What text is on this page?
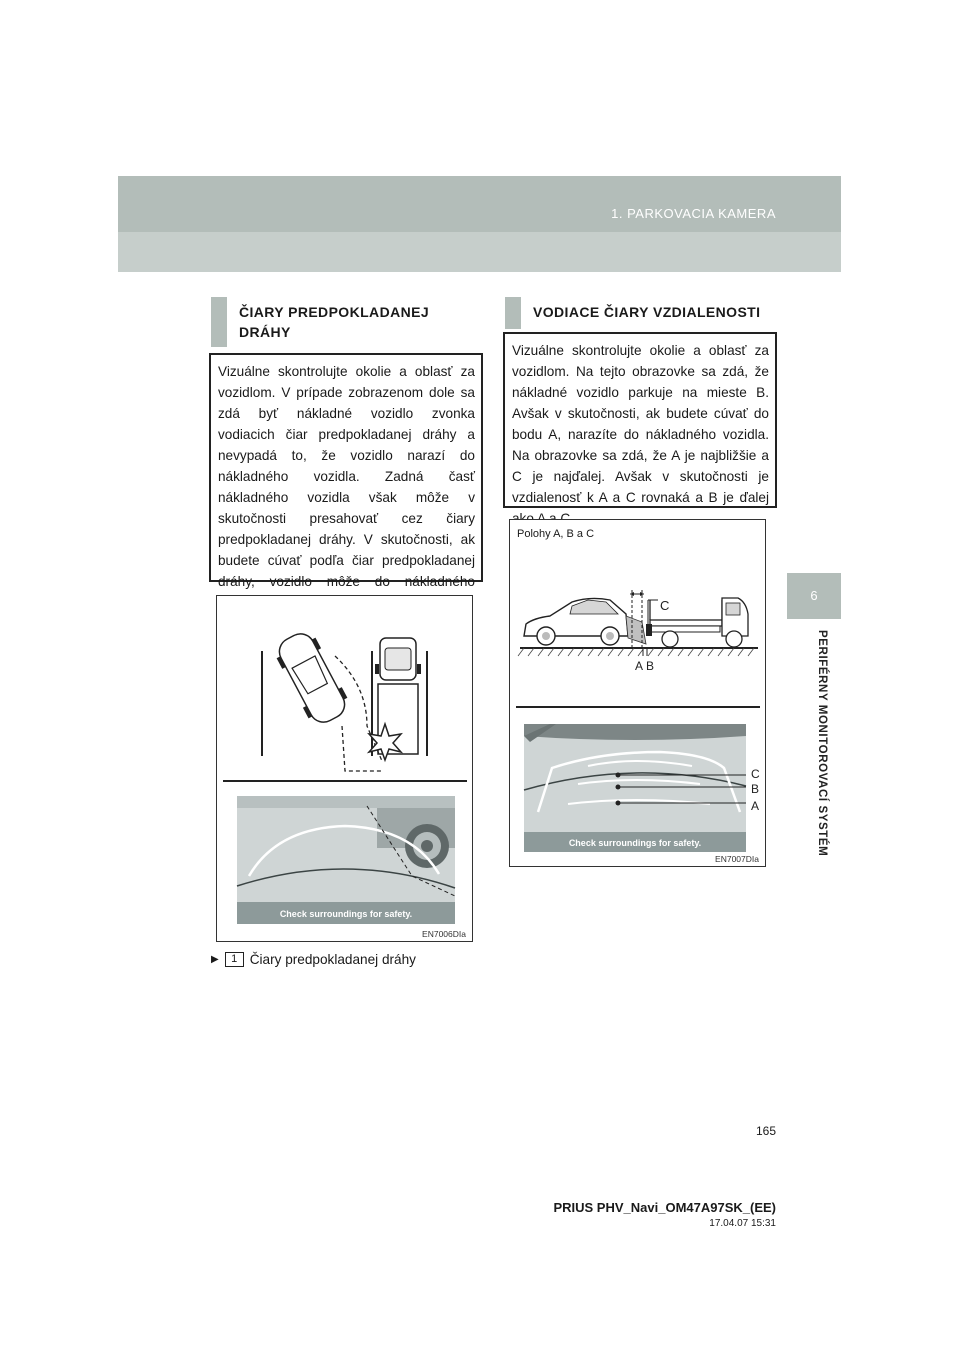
1. PARKOVACIA KAMERA
6
PERIFÉRNY MONITOROVACÍ SYSTÉM
ČIARY PREDPOKLADANEJ
DRÁHY
Vizuálne skontrolujte okolie a oblasť za vozidlom. V prípade zobrazenom dole sa zdá byť nákladné vozidlo zvonka vodiacich čiar predpokladanej dráhy a nevypadá to, že vozidlo narazí do nákladného vozidla. Zadná časť nákladného vozidla však môže v skutočnosti presahovať cez čiary predpokladanej dráhy. V skutočnosti, ak budete cúvať podľa čiar predpokladanej dráhy, vozidlo môže do nákladného
Check surroundings for safety.
EN7006DIa
▶	1 Čiary predpokladanej dráhy
VODIACE ČIARY VZDIALENOSTI
Vizuálne skontrolujte okolie a oblasť za vozidlom. Na tejto obrazovke sa zdá, že nákladné vozidlo parkuje na mieste B. Avšak v skutočnosti, ak budete cúvať do bodu A, narazíte do nákladného vozidla. Na obrazovke sa zdá, že A je najbližšie a C je najďalej. Avšak v skutočnosti je vzdialenosť k A a C rovnaká a B je ďalej
Polohy A, B a C
C
A B
Check surroundings for safety.
C
B
A
EN7007DIa
165
PRIUS PHV_Navi_OM47A97SK_(EE)
17.04.07 15:31
